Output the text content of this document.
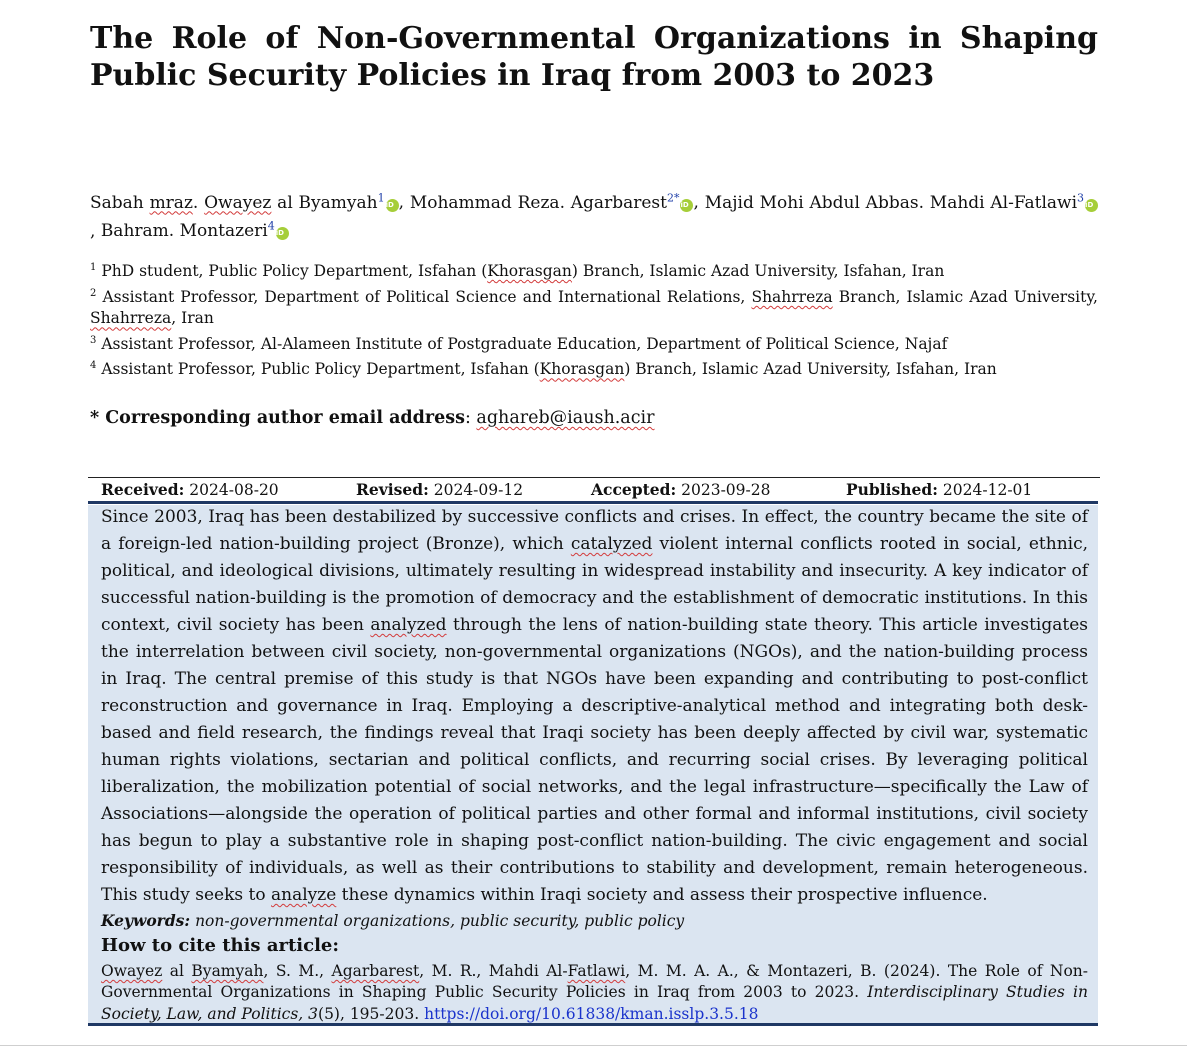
The Role of Non-Governmental Organizations in Shaping Public Security Policies in Iraq from 2003 to 2023
Sabah mraz. Owayez al Byamyah$^1$iD , Mohammad Reza. Agarbarest$^{2*}$iD , Majid Mohi Abdul Abbas. Mahdi Al-Fatlawi$^3$iD, Bahram. Montazeri$^4$iD
$^1$ PhD student, Public Policy Department, Isfahan (Khorasgan) Branch, Islamic Azad University, Isfahan, Iran
$^2$ Assistant Professor, Department of Political Science and International Relations, Shahrreza Branch, Islamic Azad University, Shahrreza, Iran
$^3$ Assistant Professor, Al-Alameen Institute of Postgraduate Education, Department of Political Science, Najaf
$^4$ Assistant Professor, Public Policy Department, Isfahan (Khorasgan) Branch, Islamic Azad University, Isfahan, Iran
* Corresponding author email address: aghareb@iaush.acir
Received: 2024-08-20	Revised: 2024-09-12	Accepted: 2023-09-28	Published: 2024-12-01

Since 2003, Iraq has been destabilized by successive conflicts and crises. In effect, the country became the site of a foreign-led nation-building project (Bronze), which catalyzed violent internal conflicts rooted in social, ethnic, political, and ideological divisions, ultimately resulting in widespread instability and insecurity. A key indicator of successful nation-building is the promotion of democracy and the establishment of democratic institutions. In this context, civil society has been analyzed through the lens of nation-building state theory. This article investigates the interrelation between civil society, non-governmental organizations (NGOs), and the nation-building process in Iraq. The central premise of this study is that NGOs have been expanding and contributing to post-conflict reconstruction and governance in Iraq. Employing a descriptive-analytical method and integrating both desk-based and field research, the findings reveal that Iraqi society has been deeply affected by civil war, systematic human rights violations, sectarian and political conflicts, and recurring social crises. By leveraging political liberalization, the mobilization potential of social networks, and the legal infrastructure—specifically the Law of Associations—alongside the operation of political parties and other formal and informal institutions, civil society has begun to play a substantive role in shaping post-conflict nation-building. The civic engagement and social responsibility of individuals, as well as their contributions to stability and development, remain heterogeneous. This study seeks to analyze these dynamics within Iraqi society and assess their prospective influence.

Keywords: non-governmental organizations, public security, public policy
How to cite this article:
Owayez al Byamyah, S. M., Agarbarest, M. R., Mahdi Al-Fatlawi, M. M. A. A., & Montazeri, B. (2024). The Role of Non-Governmental Organizations in Shaping Public Security Policies in Iraq from 2003 to 2023. Interdisciplinary Studies in Society, Law, and Politics, 3(5), 195-203. https://doi.org/10.61838/kman.isslp.3.5.18
